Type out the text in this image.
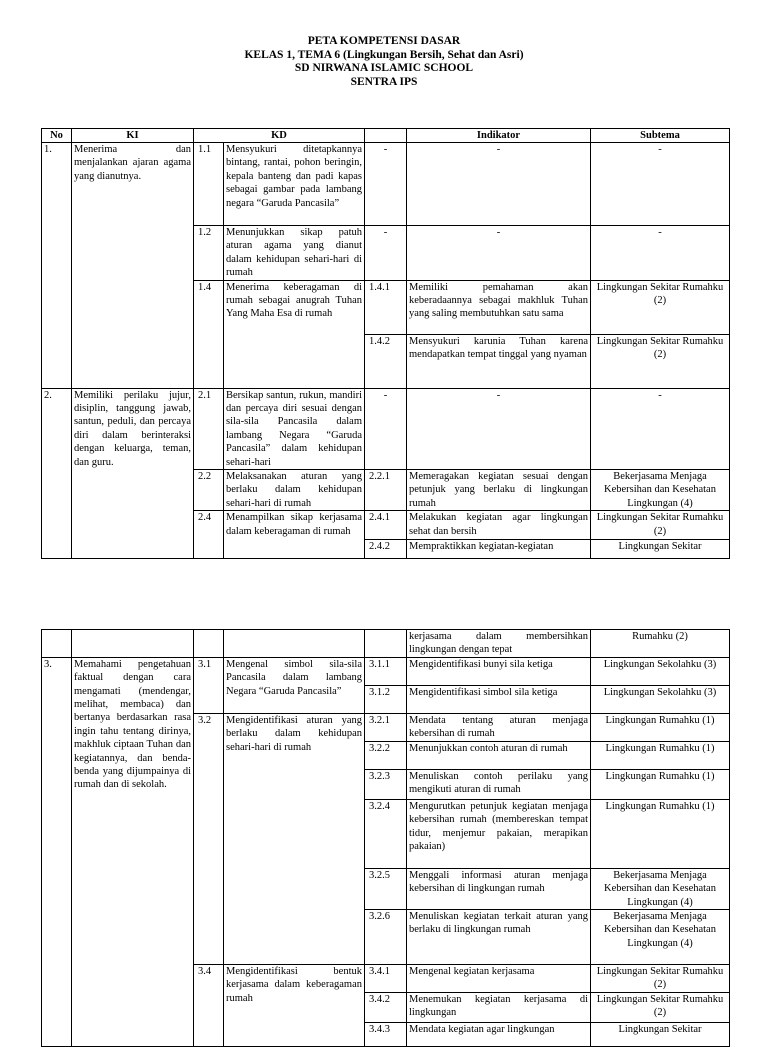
PETA KOMPETENSI DASAR
KELAS 1, TEMA 6 (Lingkungan Bersih, Sehat dan Asri)
SD NIRWANA ISLAMIC SCHOOL
SENTRA IPS
No	KI	KD			Indikator	Subtema
1.	Menerima dan menjalankan ajaran agama yang dianutnya.	1.1	Mensyukuri ditetapkannya bintang, rantai, pohon beringin, kepala banteng dan padi kapas sebagai gambar pada lambang negara “Garuda Pancasila”	-	-	-
		1.2	Menunjukkan sikap patuh aturan agama yang dianut dalam kehidupan sehari-hari di rumah	-	-	-
		1.4	Menerima keberagaman di rumah sebagai anugrah Tuhan Yang Maha Esa di rumah	1.4.1	Memiliki pemahaman akan keberadaannya sebagai makhluk Tuhan yang saling membutuhkan satu sama	Lingkungan Sekitar Rumahku (2)
				1.4.2	Mensyukuri karunia Tuhan karena mendapatkan tempat tinggal yang nyaman	Lingkungan Sekitar Rumahku (2)
2.	Memiliki perilaku jujur, disiplin, tanggung jawab, santun, peduli, dan percaya diri dalam berinteraksi dengan keluarga, teman, dan guru.	2.1	Bersikap santun, rukun, mandiri dan percaya diri sesuai dengan sila-sila Pancasila dalam lambang Negara “Garuda Pancasila” dalam kehidupan sehari-hari	-	-	-
		2.2	Melaksanakan aturan yang berlaku dalam kehidupan sehari-hari di rumah	2.2.1	Memeragakan kegiatan sesuai dengan petunjuk yang berlaku di lingkungan rumah	Bekerjasama Menjaga Kebersihan dan Kesehatan Lingkungan (4)
		2.4	Menampilkan sikap kerjasama dalam keberagaman di rumah	2.4.1	Melakukan kegiatan agar lingkungan sehat dan bersih	Lingkungan Sekitar Rumahku (2)
				2.4.2	Mempraktikkan kegiatan-kegiatan	Lingkungan Sekitar
					kerjasama dalam membersihkan lingkungan dengan tepat	Rumahku (2)
3.	Memahami pengetahuan faktual dengan cara mengamati (mendengar, melihat, membaca) dan bertanya berdasarkan rasa ingin tahu tentang dirinya, makhluk ciptaan Tuhan dan kegiatannya, dan benda-benda yang dijumpainya di rumah dan di sekolah.	3.1	Mengenal simbol sila-sila Pancasila dalam lambang Negara “Garuda Pancasila”	3.1.1	Mengidentifikasi bunyi sila ketiga	Lingkungan Sekolahku (3)
				3.1.2	Mengidentifikasi simbol sila ketiga	Lingkungan Sekolahku (3)
		3.2	Mengidentifikasi aturan yang berlaku dalam kehidupan sehari-hari di rumah	3.2.1	Mendata tentang aturan menjaga kebersihan di rumah	Lingkungan Rumahku (1)
				3.2.2	Menunjukkan contoh aturan di rumah	Lingkungan Rumahku (1)
				3.2.3	Menuliskan contoh perilaku yang mengikuti aturan di rumah	Lingkungan Rumahku (1)
				3.2.4	Mengurutkan petunjuk kegiatan menjaga kebersihan rumah (membereskan tempat tidur, menjemur pakaian, merapikan pakaian)	Lingkungan Rumahku (1)
				3.2.5	Menggali informasi aturan menjaga kebersihan di lingkungan rumah	Bekerjasama Menjaga Kebersihan dan Kesehatan Lingkungan (4)
				3.2.6	Menuliskan kegiatan terkait aturan yang berlaku di lingkungan rumah	Bekerjasama Menjaga Kebersihan dan Kesehatan Lingkungan (4)
		3.4	Mengidentifikasi bentuk kerjasama dalam keberagaman rumah	3.4.1	Mengenal kegiatan kerjasama	Lingkungan Sekitar Rumahku (2)
				3.4.2	Menemukan kegiatan kerjasama di lingkungan	Lingkungan Sekitar Rumahku (2)
				3.4.3	Mendata kegiatan agar lingkungan	Lingkungan Sekitar
